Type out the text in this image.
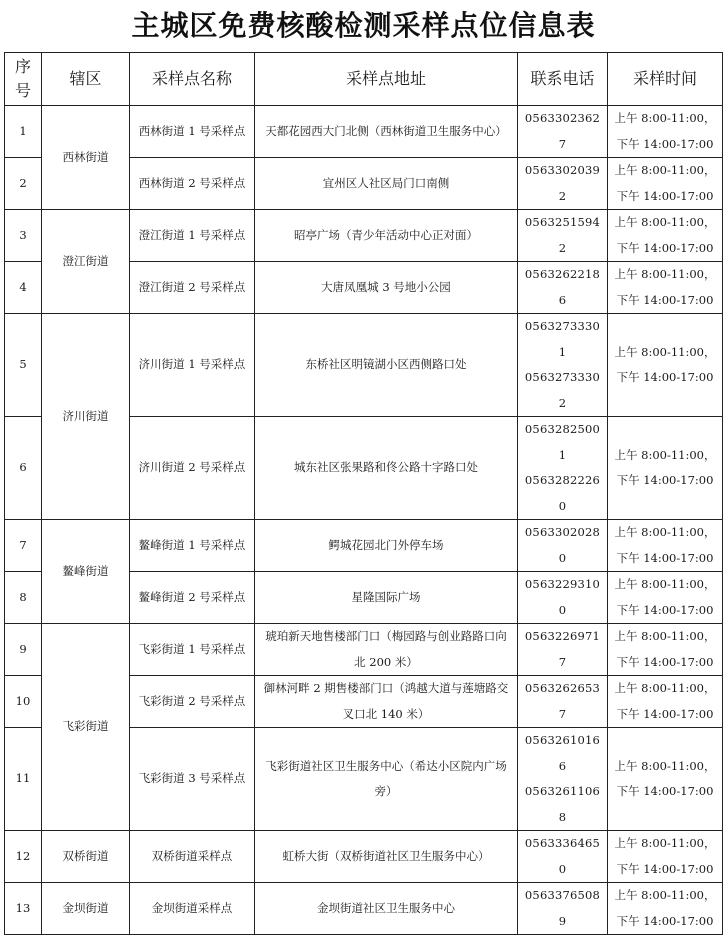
主城区免费核酸检测采样点位信息表
序
号	辖区	采样点名称	采样点地址	联系电话	采样时间
1	西林街道	西林街道 1 号采样点	天都花园西大门北侧（西林街道卫生服务中心）	05633023627	上午 8:00-11:00，
下午 14:00-17:00

2		西林街道 2 号采样点	宜州区人社区局门口南侧	05633020392	上午 8:00-11:00，
下午 14:00-17:00

3	澄江街道	澄江街道 1 号采样点	昭亭广场（青少年活动中心正对面）	05632515942	上午 8:00-11:00，
下午 14:00-17:00

4		澄江街道 2 号采样点	大唐凤凰城 3 号地小公园	05632622186	上午 8:00-11:00，
下午 14:00-17:00

5	济川街道	济川街道 1 号采样点	东桥社区明镜湖小区西侧路口处	05632733301
05632733302	上午 8:00-11:00，
下午 14:00-17:00

6		济川街道 2 号采样点	城东社区张果路和佟公路十字路口处	05632825001
05632822260	上午 8:00-11:00，
下午 14:00-17:00

7	鳌峰街道	鳌峰街道 1 号采样点	鳄城花园北门外停车场	05633020280	上午 8:00-11:00，
下午 14:00-17:00

8		鳌峰街道 2 号采样点	星隆国际广场	05632293100	上午 8:00-11:00，
下午 14:00-17:00

9	飞彩街道	飞彩街道 1 号采样点	琥珀新天地售楼部门口（梅园路与创业路路口向北 200 米）	05632269717	上午 8:00-11:00，
下午 14:00-17:00

10		飞彩街道 2 号采样点	御林河畔 2 期售楼部门口（鸿越大道与莲塘路交叉口北 140 米）	05632626537	上午 8:00-11:00，
下午 14:00-17:00

11		飞彩街道 3 号采样点	飞彩街道社区卫生服务中心（希达小区院内广场旁）	05632610166
05632611068	上午 8:00-11:00，
下午 14:00-17:00

12	双桥街道	双桥街道采样点	虹桥大街（双桥街道社区卫生服务中心）	05633364650	上午 8:00-11:00，
下午 14:00-17:00

13	金坝街道	金坝街道采样点	金坝街道社区卫生服务中心	05633765089	上午 8:00-11:00，
下午 14:00-17:00
